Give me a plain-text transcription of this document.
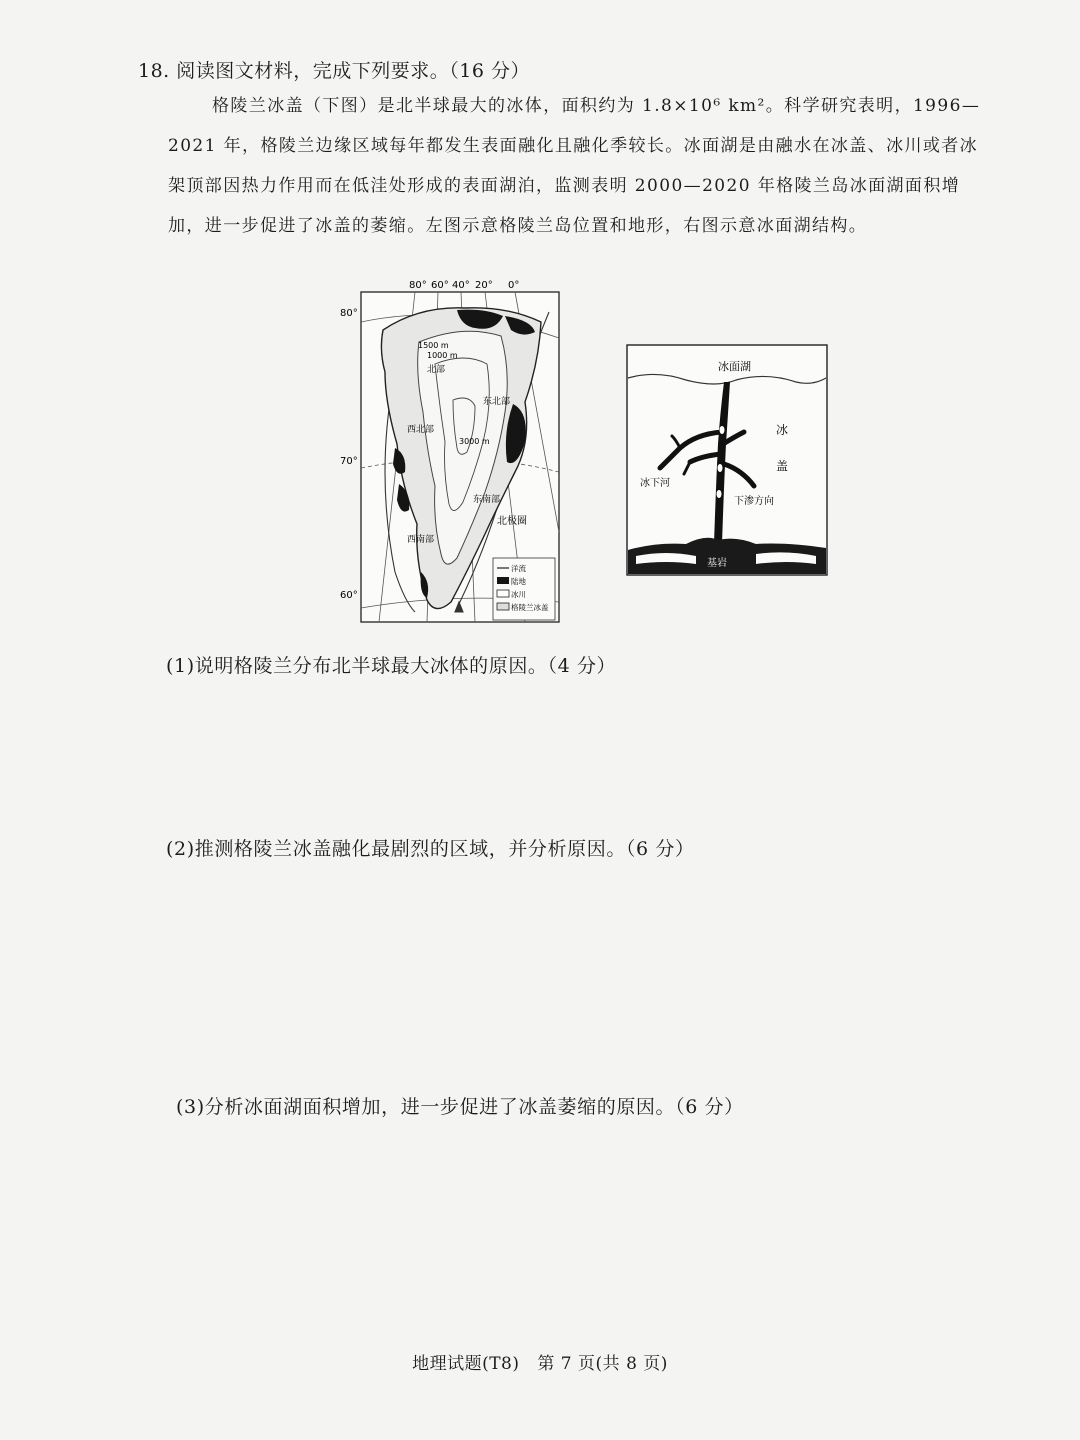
18. 阅读图文材料，完成下列要求。（16 分）
格陵兰冰盖（下图）是北半球最大的冰体，面积约为 1.8×10⁶ km²。科学研究表明，1996—2021 年，格陵兰边缘区域每年都发生表面融化且融化季较长。冰面湖是由融水在冰盖、冰川或者冰架顶部因热力作用而在低洼处形成的表面湖泊，监测表明 2000—2020 年格陵兰岛冰面湖面积增加，进一步促进了冰盖的萎缩。左图示意格陵兰岛位置和地形，右图示意冰面湖结构。
80° 60° 40° 20° 0°
80°
70°
60°
1500 m
1000 m
3000 m
北部
东北部
西北部
东南部
西南部
北极圈
洋流
陆地
冰川
格陵兰冰盖
冰面湖
冰
盖
冰下河
下渗方向
基岩
(1)说明格陵兰分布北半球最大冰体的原因。（4 分）
(2)推测格陵兰冰盖融化最剧烈的区域，并分析原因。（6 分）
(3)分析冰面湖面积增加，进一步促进了冰盖萎缩的原因。（6 分）
地理试题(T8) 第 7 页(共 8 页)
